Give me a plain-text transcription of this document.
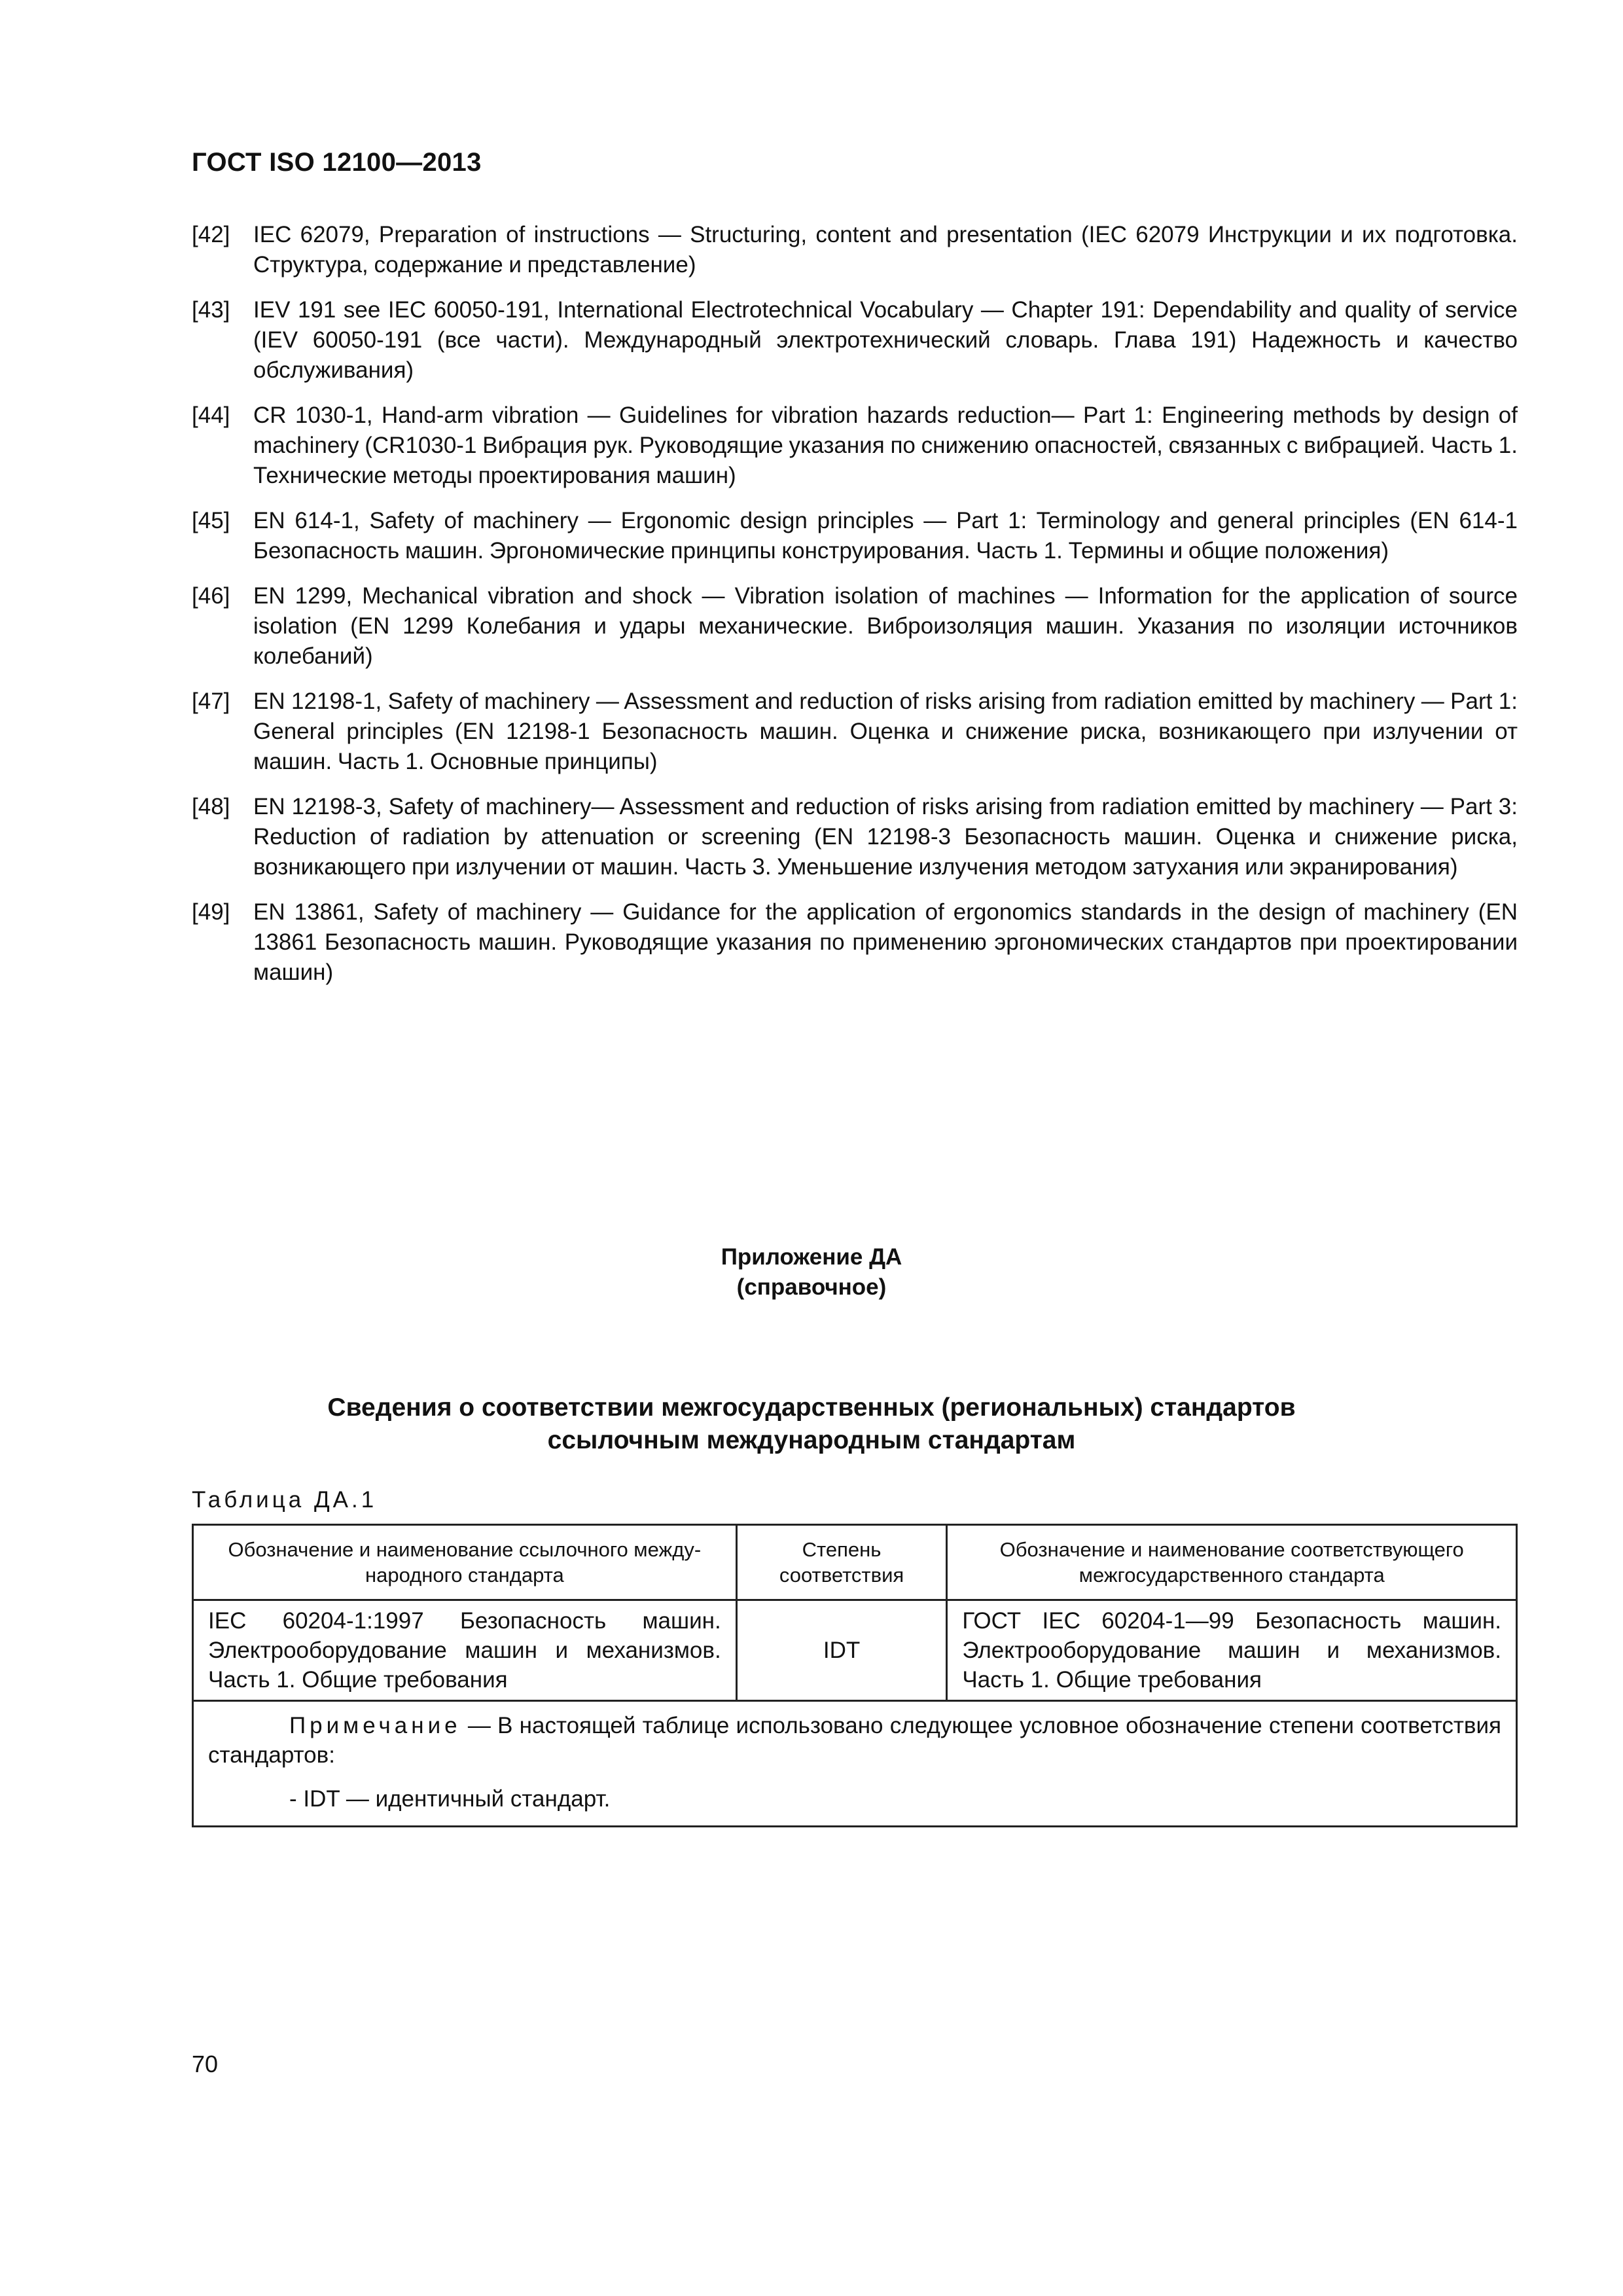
ГОСТ ISO 12100—2013
[42] IEC 62079, Preparation of instructions — Structuring, content and presentation (IEC 62079 Инструкции и их подготовка. Структура, содержание и представление)
[43] IEV 191 see IEC 60050-191, International Electrotechnical Vocabulary — Chapter 191: Dependability and quality of service (IEV 60050-191 (все части). Международный электротехнический словарь. Глава 191) Надежность и качество обслуживания)
[44] CR 1030-1, Hand-arm vibration — Guidelines for vibration hazards reduction— Part 1: Engineering methods by design of machinery (CR1030-1 Вибрация рук. Руководящие указания по снижению опасностей, связанных с вибрацией. Часть 1. Технические методы проектирования машин)
[45] EN 614-1, Safety of machinery — Ergonomic design principles — Part 1: Terminology and general principles (EN 614-1 Безопасность машин. Эргономические принципы конструирования. Часть 1. Термины и общие положения)
[46] EN 1299, Mechanical vibration and shock — Vibration isolation of machines — Information for the application of source isolation (EN 1299 Колебания и удары механические. Виброизоляция машин. Указания по изоляции источников колебаний)
[47] EN 12198-1, Safety of machinery — Assessment and reduction of risks arising from radiation emitted by machinery — Part 1: General principles (EN 12198-1 Безопасность машин. Оценка и снижение риска, возникающего при излучении от машин. Часть 1. Основные принципы)
[48] EN 12198-3, Safety of machinery— Assessment and reduction of risks arising from radiation emitted by machinery — Part 3: Reduction of radiation by attenuation or screening (EN 12198-3 Безопасность машин. Оценка и снижение риска, возникающего при излучении от машин. Часть 3. Уменьшение излучения методом затухания или экранирования)
[49] EN 13861, Safety of machinery — Guidance for the application of ergonomics standards in the design of machinery (EN 13861 Безопасность машин. Руководящие указания по применению эргономических стандартов при проектировании машин)
Приложение ДА
(справочное)
Сведения о соответствии межгосударственных (региональных) стандартов
ссылочным международным стандартам
Таблица ДА.1
Обозначение и наименование ссылочного международного стандарта	Степень соответствия	Обозначение и наименование соответствующего межгосударственного стандарта
IEC 60204-1:1997 Безопасность машин. Электрооборудование машин и механизмов. Часть 1. Общие требования	IDT	ГОСТ IEC 60204-1—99 Безопасность машин. Электрооборудование машин и механизмов. Часть 1. Общие требования

Примечание — В настоящей таблице использовано следующее условное обозначение степени соответствия стандартов:
- IDT — идентичный стандарт.		
70
